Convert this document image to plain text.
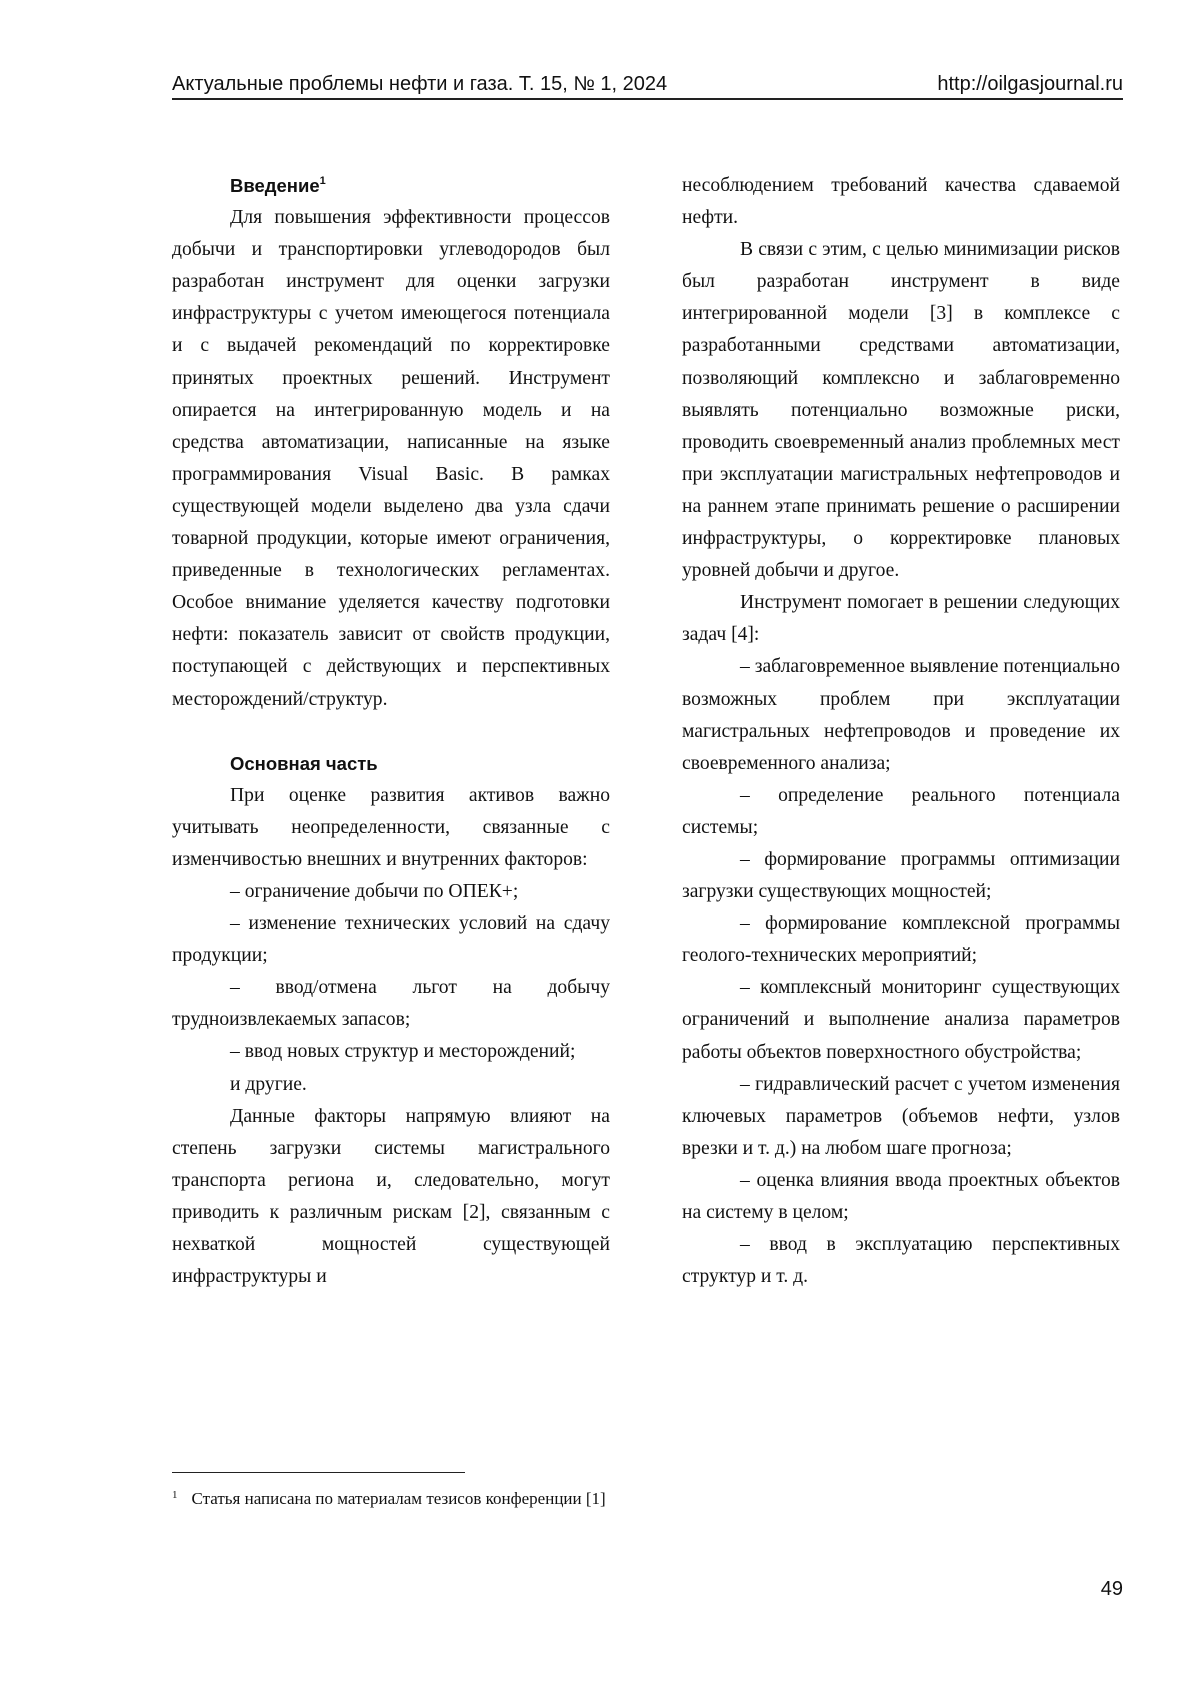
Актуальные проблемы нефти и газа. Т. 15, № 1, 2024	http://oilgasjournal.ru
Введение$^1$

Для повышения эффективности процессов добычи и транспортировки углеводородов был разработан инструмент для оценки загрузки инфраструктуры с учетом имеющегося потенциала и с выдачей рекомендаций по корректировке принятых проектных решений. Инструмент опирается на интегрированную модель и на средства автоматизации, написанные на языке программирования Visual Basic. В рамках существующей модели выделено два узла сдачи товарной продукции, которые имеют ограничения, приведенные в технологических регламентах. Особое внимание уделяется качеству подготовки нефти: показатель зависит от свойств продукции, поступающей с действующих и перспективных месторождений/структур.

Основная часть

При оценке развития активов важно учитывать неопределенности, связанные с изменчивостью внешних и внутренних факторов:

– ограничение добычи по ОПЕК+;

– изменение технических условий на сдачу продукции;

– ввод/отмена льгот на добычу трудноизвлекаемых запасов;

– ввод новых структур и месторождений;

и другие.

Данные факторы напрямую влияют на степень загрузки системы магистрального транспорта региона и, следовательно, могут приводить к различным рискам [2], связанным с нехваткой мощностей существующей инфраструктуры и

несоблюдением требований качества сдаваемой нефти.

В связи с этим, с целью минимизации рисков был разработан инструмент в виде интегрированной модели [3] в комплексе с разработанными средствами автоматизации, позволяющий комплексно и заблаговременно выявлять потенциально возможные риски, проводить своевременный анализ проблемных мест при эксплуатации магистральных нефтепроводов и на раннем этапе принимать решение о расширении инфраструктуры, о корректировке плановых уровней добычи и другое.

Инструмент помогает в решении следующих задач [4]:

– заблаговременное выявление потенциально возможных проблем при эксплуатации магистральных нефтепроводов и проведение их своевременного анализа;

– определение реального потенциала системы;

– формирование программы оптимизации загрузки существующих мощностей;

– формирование комплексной программы геолого-технических мероприятий;

– комплексный мониторинг существующих ограничений и выполнение анализа параметров работы объектов поверхностного обустройства;

– гидравлический расчет с учетом изменения ключевых параметров (объемов нефти, узлов врезки и т. д.) на любом шаге прогноза;

– оценка влияния ввода проектных объектов на систему в целом;

– ввод в эксплуатацию перспективных структур и т. д.

$^1$ Статья написана по материалам тезисов конференции [1]
49
